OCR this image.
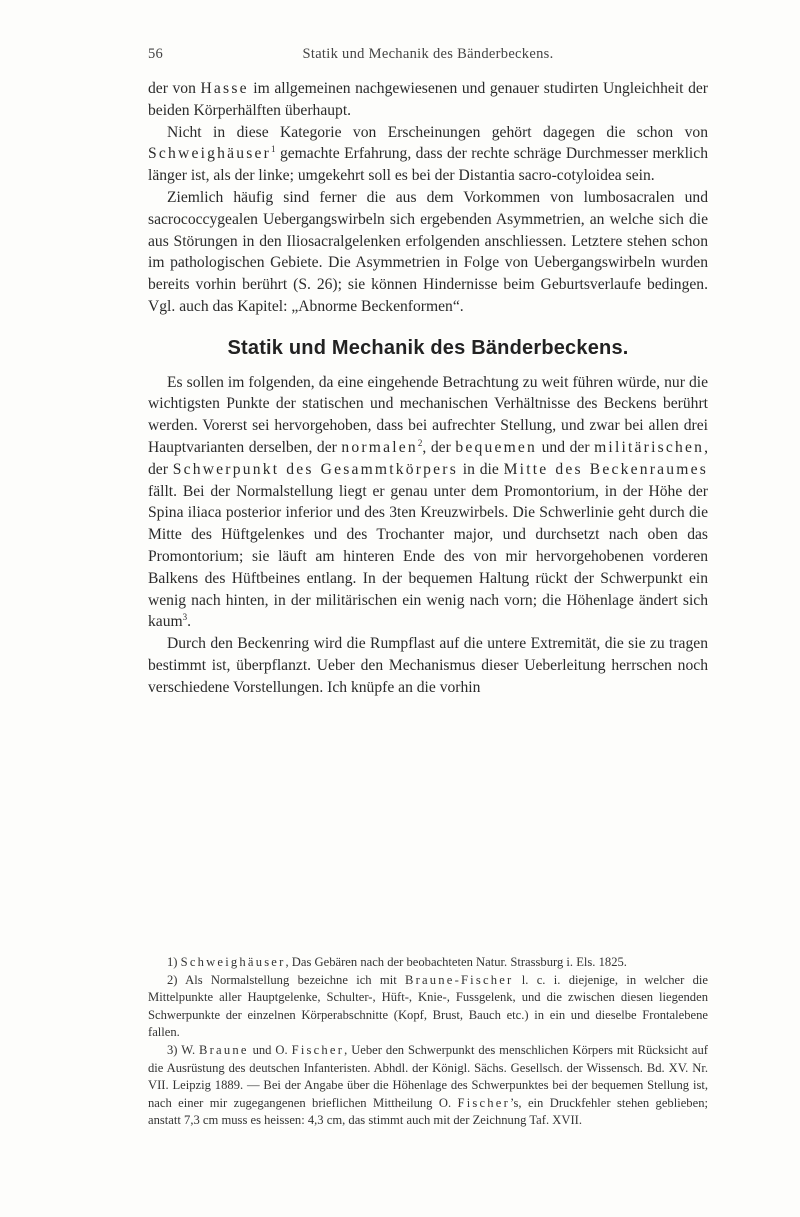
56	Statik und Mechanik des Bänderbeckens.

der von Hasse im allgemeinen nachgewiesenen und genauer studirten Ungleichheit der beiden Körperhälften überhaupt.

Nicht in diese Kategorie von Erscheinungen gehört dagegen die schon von Schweighäuser$^1$ gemachte Erfahrung, dass der rechte schräge Durchmesser merklich länger ist, als der linke; umgekehrt soll es bei der Distantia sacro-cotyloidea sein.

Ziemlich häufig sind ferner die aus dem Vorkommen von lumbosacralen und sacrococcygealen Uebergangswirbeln sich ergebenden Asymmetrien, an welche sich die aus Störungen in den Iliosacralgelenken erfolgenden anschliessen. Letztere stehen schon im pathologischen Gebiete. Die Asymmetrien in Folge von Uebergangswirbeln wurden bereits vorhin berührt (S. 26); sie können Hindernisse beim Geburtsverlaufe bedingen. Vgl. auch das Kapitel: „Abnorme Beckenformen“.

Statik und Mechanik des Bänderbeckens.

Es sollen im folgenden, da eine eingehende Betrachtung zu weit führen würde, nur die wichtigsten Punkte der statischen und mechanischen Verhältnisse des Beckens berührt werden. Vorerst sei hervorgehoben, dass bei aufrechter Stellung, und zwar bei allen drei Hauptvarianten derselben, der normalen$^2$, der bequemen und der militärischen, der Schwerpunkt des Gesammtkörpers in die Mitte des Beckenraumes fällt. Bei der Normalstellung liegt er genau unter dem Promontorium, in der Höhe der Spina iliaca posterior inferior und des 3ten Kreuzwirbels. Die Schwerlinie geht durch die Mitte des Hüftgelenkes und des Trochanter major, und durchsetzt nach oben das Promontorium; sie läuft am hinteren Ende des von mir hervorgehobenen vorderen Balkens des Hüftbeines entlang. In der bequemen Haltung rückt der Schwerpunkt ein wenig nach hinten, in der militärischen ein wenig nach vorn; die Höhenlage ändert sich kaum$^3$.

Durch den Beckenring wird die Rumpflast auf die untere Extremität, die sie zu tragen bestimmt ist, überpflanzt. Ueber den Mechanismus dieser Ueberleitung herrschen noch verschiedene Vorstellungen. Ich knüpfe an die vorhin

1) Schweighäuser, Das Gebären nach der beobachteten Natur. Strassburg i. Els. 1825.

2) Als Normalstellung bezeichne ich mit Braune-Fischer l. c. i. diejenige, in welcher die Mittelpunkte aller Hauptgelenke, Schulter-, Hüft-, Knie-, Fussgelenk, und die zwischen diesen liegenden Schwerpunkte der einzelnen Körperabschnitte (Kopf, Brust, Bauch etc.) in ein und dieselbe Frontalebene fallen.

3) W. Braune und O. Fischer, Ueber den Schwerpunkt des menschlichen Körpers mit Rücksicht auf die Ausrüstung des deutschen Infanteristen. Abhdl. der Königl. Sächs. Gesellsch. der Wissensch. Bd. XV. Nr. VII. Leipzig 1889. — Bei der Angabe über die Höhenlage des Schwerpunktes bei der bequemen Stellung ist, nach einer mir zugegangenen brieflichen Mittheilung O. Fischer’s, ein Druckfehler stehen geblieben; anstatt 7,3 cm muss es heissen: 4,3 cm, das stimmt auch mit der Zeichnung Taf. XVII.
